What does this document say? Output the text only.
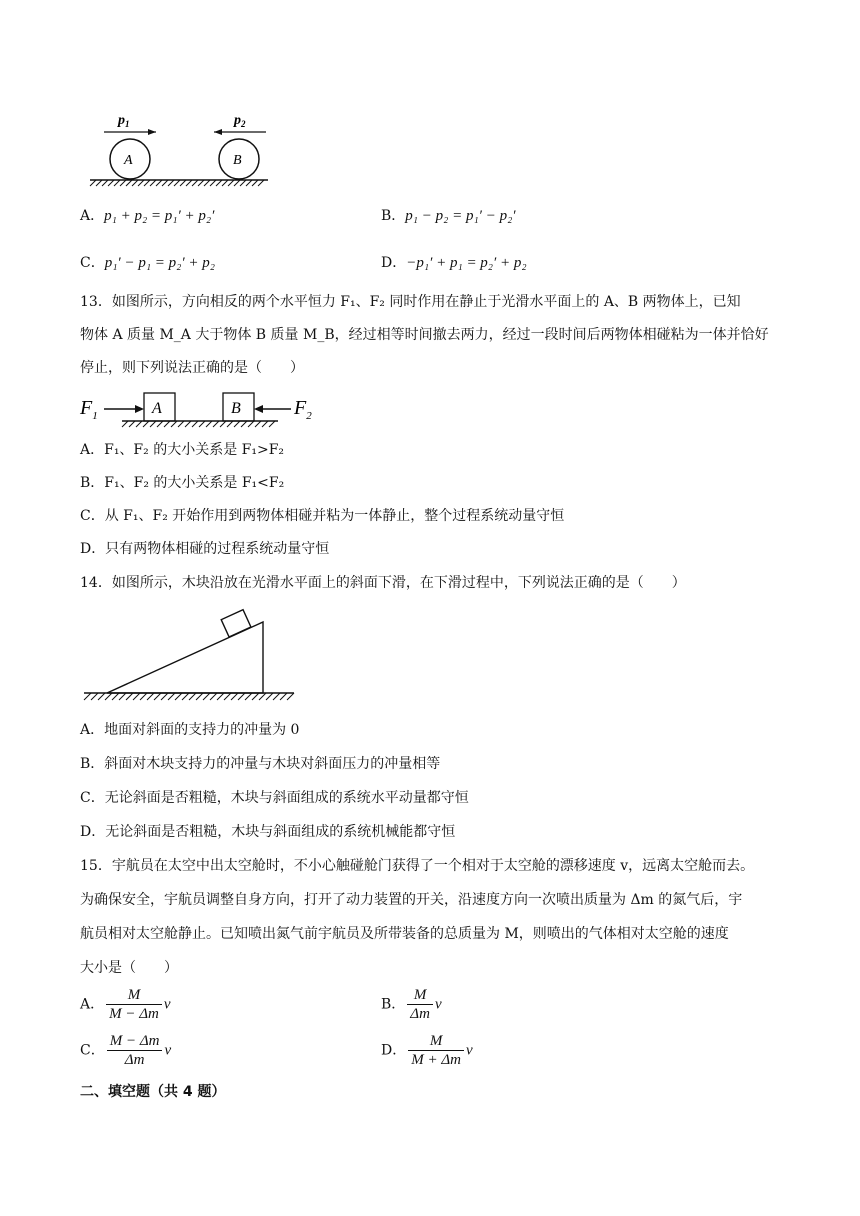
$p_1$	$p_2$
A	B
A．p₁ + p₂ = p₁′ + p₂′	B．p₁ − p₂ = p₁′ − p₂′
C．p₁′ − p₁ = p₂′ + p₂	D．−p₁′ + p₁ = p₂′ + p₂
13．如图所示，方向相反的两个水平恒力 F₁、F₂ 同时作用在静止于光滑水平面上的 A、B 两物体上，已知
物体 A 质量 M_A 大于物体 B 质量 M_B，经过相等时间撤去两力，经过一段时间后两物体相碰粘为一体并恰好
停止，则下列说法正确的是（　　）
$F_1$	A	B	$F_2$
A．F₁、F₂ 的大小关系是 F₁>F₂
B．F₁、F₂ 的大小关系是 F₁<F₂
C．从 F₁、F₂ 开始作用到两物体相碰并粘为一体静止，整个过程系统动量守恒
D．只有两物体相碰的过程系统动量守恒
14．如图所示，木块沿放在光滑水平面上的斜面下滑，在下滑过程中，下列说法正确的是（　　）
A．地面对斜面的支持力的冲量为 0
B．斜面对木块支持力的冲量与木块对斜面压力的冲量相等
C．无论斜面是否粗糙，木块与斜面组成的系统水平动量都守恒
D．无论斜面是否粗糙，木块与斜面组成的系统机械能都守恒
15．宇航员在太空中出太空舱时，不小心触碰舱门获得了一个相对于太空舱的漂移速度 v，远离太空舱而去。
为确保安全，宇航员调整自身方向，打开了动力装置的开关，沿速度方向一次喷出质量为 Δm 的氮气后，宇
航员相对太空舱静止。已知喷出氮气前宇航员及所带装备的总质量为 M，则喷出的气体相对太空舱的速度
大小是（　　）
A． $\frac{M}{M - \Delta m}$ v	B． $\frac{M}{\Delta m}$ v
C． $\frac{M - \Delta m}{\Delta m}$ v	D． $\frac{M}{M + \Delta m}$ v
二、填空题（共 4 题）
